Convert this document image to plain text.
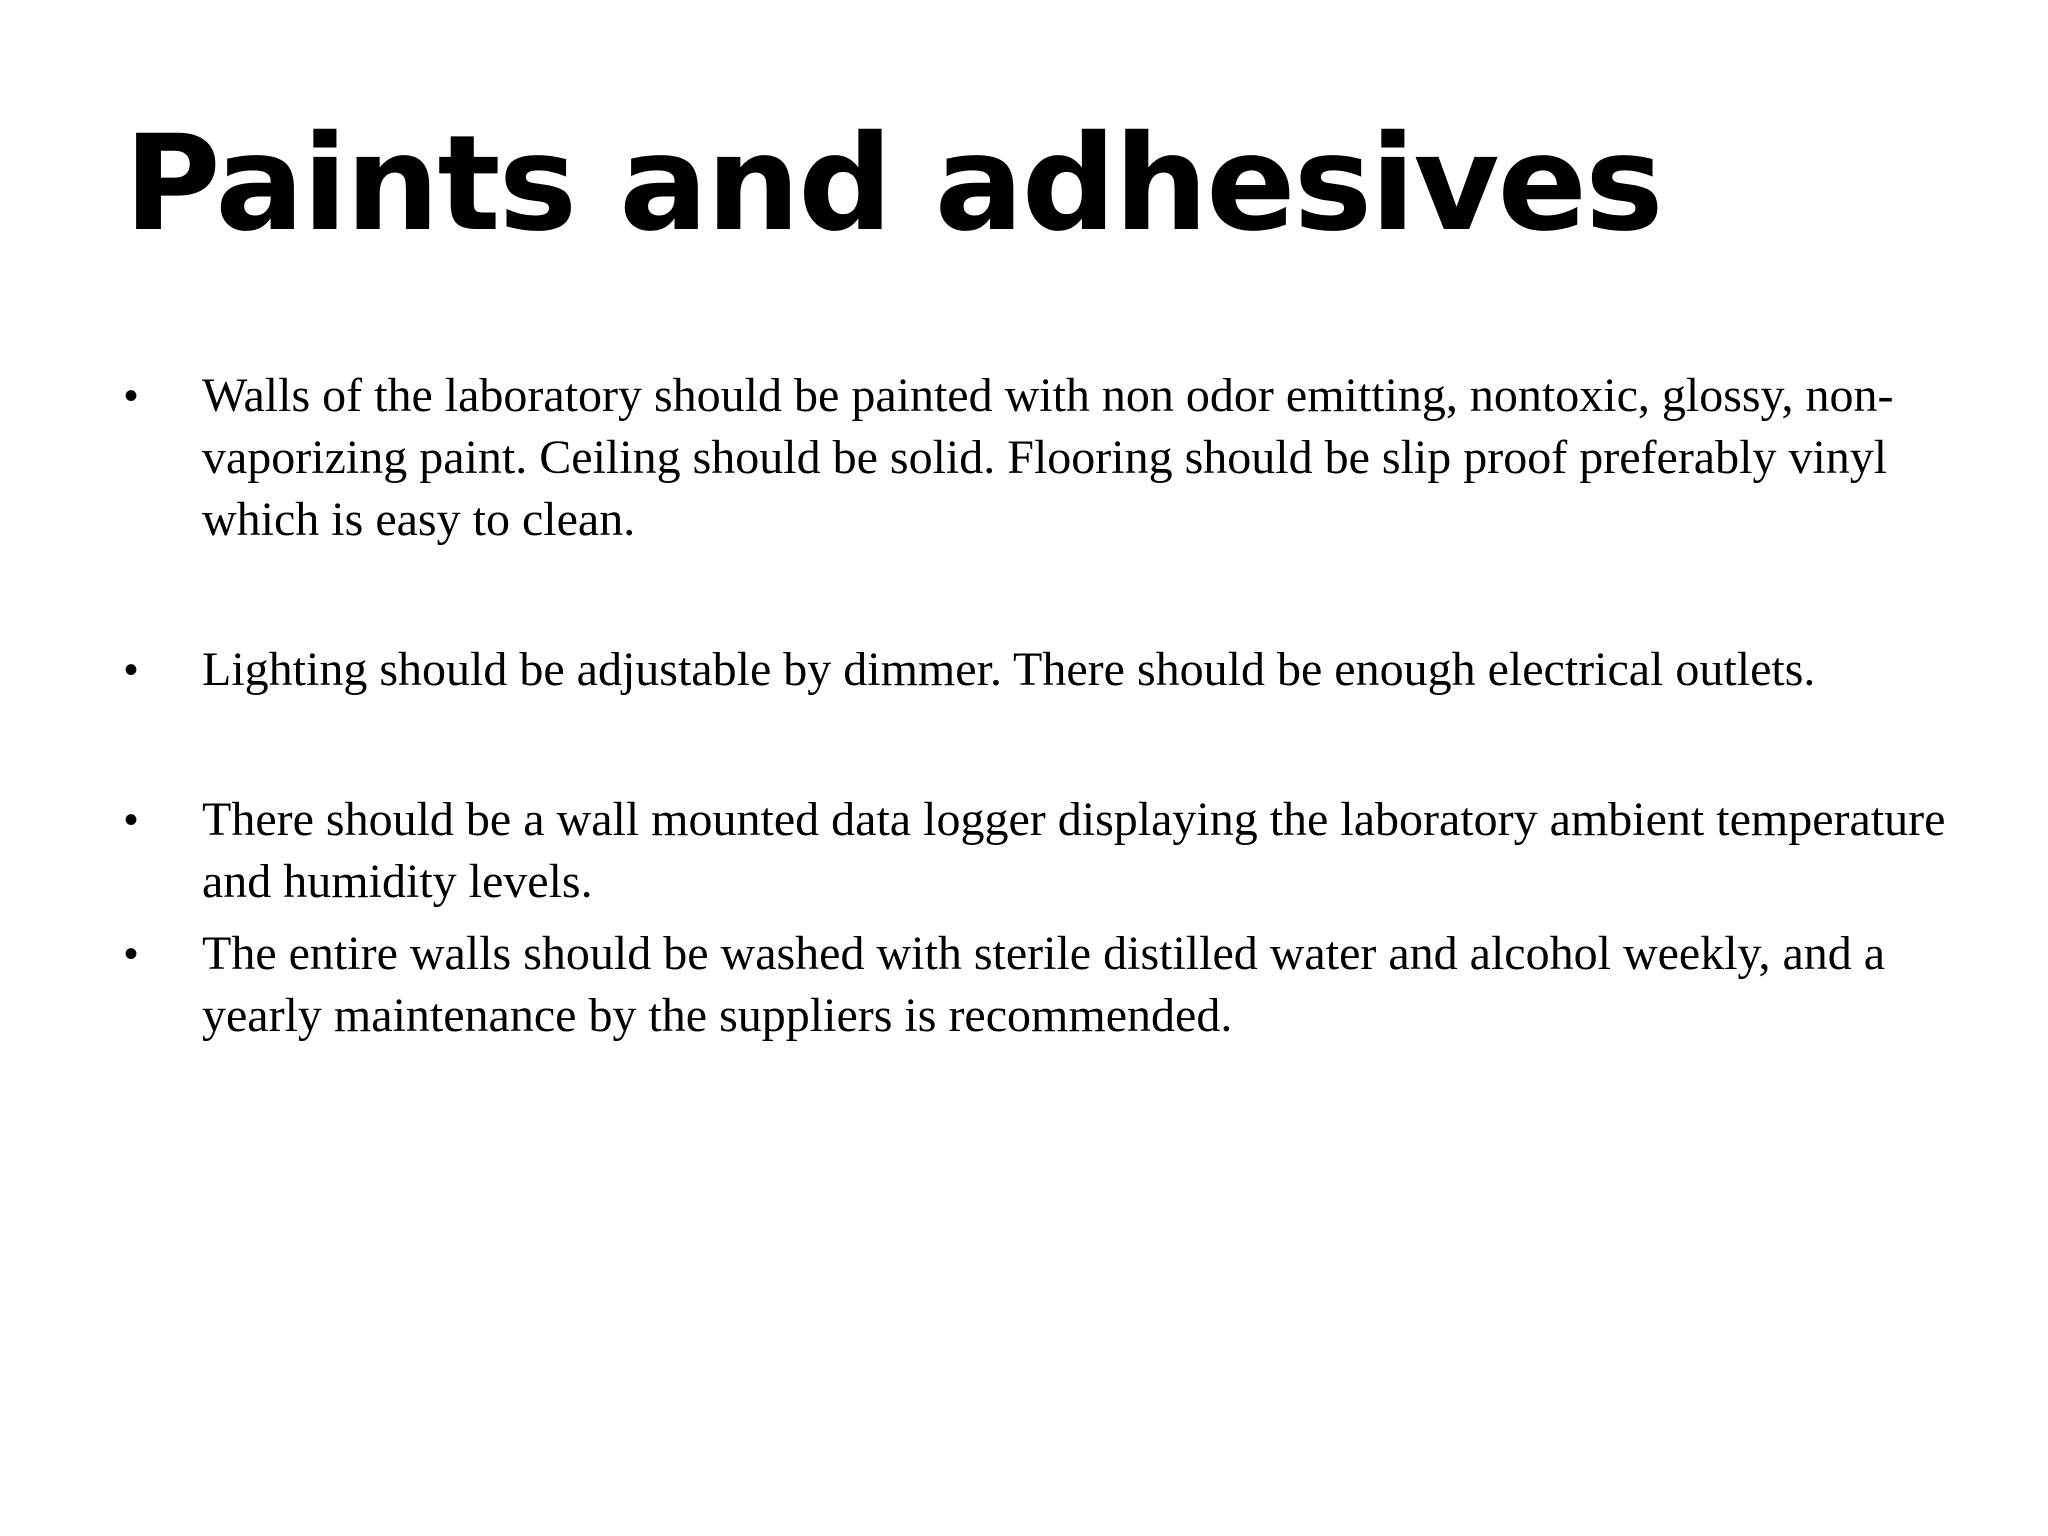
Paints and adhesives
•	Walls of the laboratory should be painted with non odor emitting, nontoxic, glossy, non-vaporizing paint. Ceiling should be solid. Flooring should be slip proof preferably vinyl which is easy to clean.
•	Lighting should be adjustable by dimmer. There should be enough electrical outlets.
•	There should be a wall mounted data logger displaying the laboratory ambient temperature and humidity levels.
•	The entire walls should be washed with sterile distilled water and alcohol weekly, and a yearly maintenance by the suppliers is recommended.
